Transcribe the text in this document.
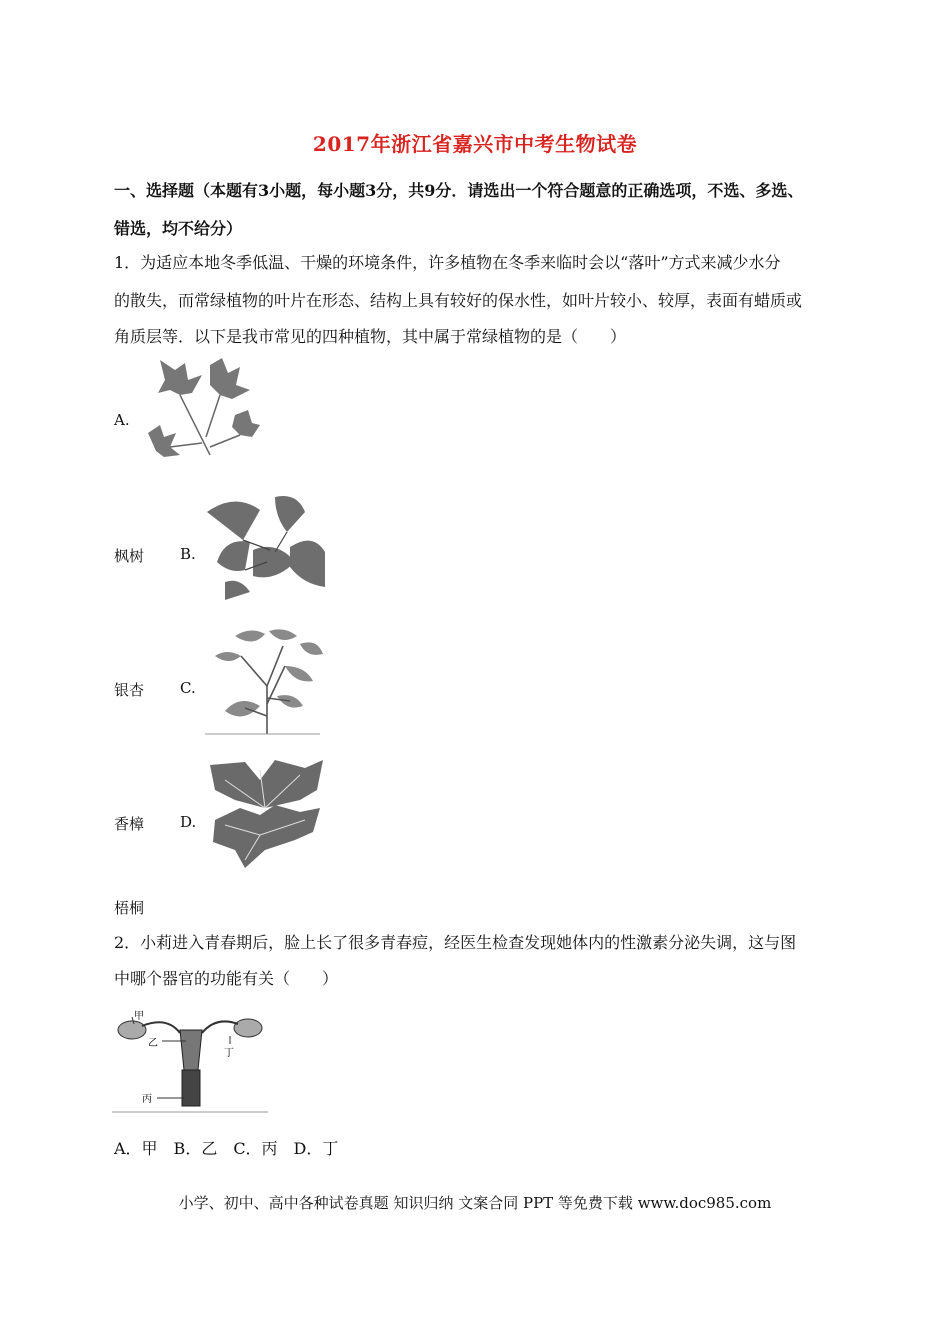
2017年浙江省嘉兴市中考生物试卷
一、选择题（本题有3小题，每小题3分，共9分．请选出一个符合题意的正确选项，不选、多选、
错选，均不给分）
1．为适应本地冬季低温、干燥的环境条件，许多植物在冬季来临时会以“落叶”方式来减少水分
的散失，而常绿植物的叶片在形态、结构上具有较好的保水性，如叶片较小、较厚，表面有蜡质或
角质层等．以下是我市常见的四种植物，其中属于常绿植物的是（　　）
A.
枫树 B.
银杏 C.
香樟 D.
梧桐
2．小莉进入青春期后，脸上长了很多青春痘，经医生检查发现她体内的性激素分泌失调，这与图
中哪个器官的功能有关（　　）
甲
乙
丁
丙
A．甲　B．乙　C．丙　D．丁
小学、初中、高中各种试卷真题 知识归纳 文案合同 PPT 等免费下载 www.doc985.com
